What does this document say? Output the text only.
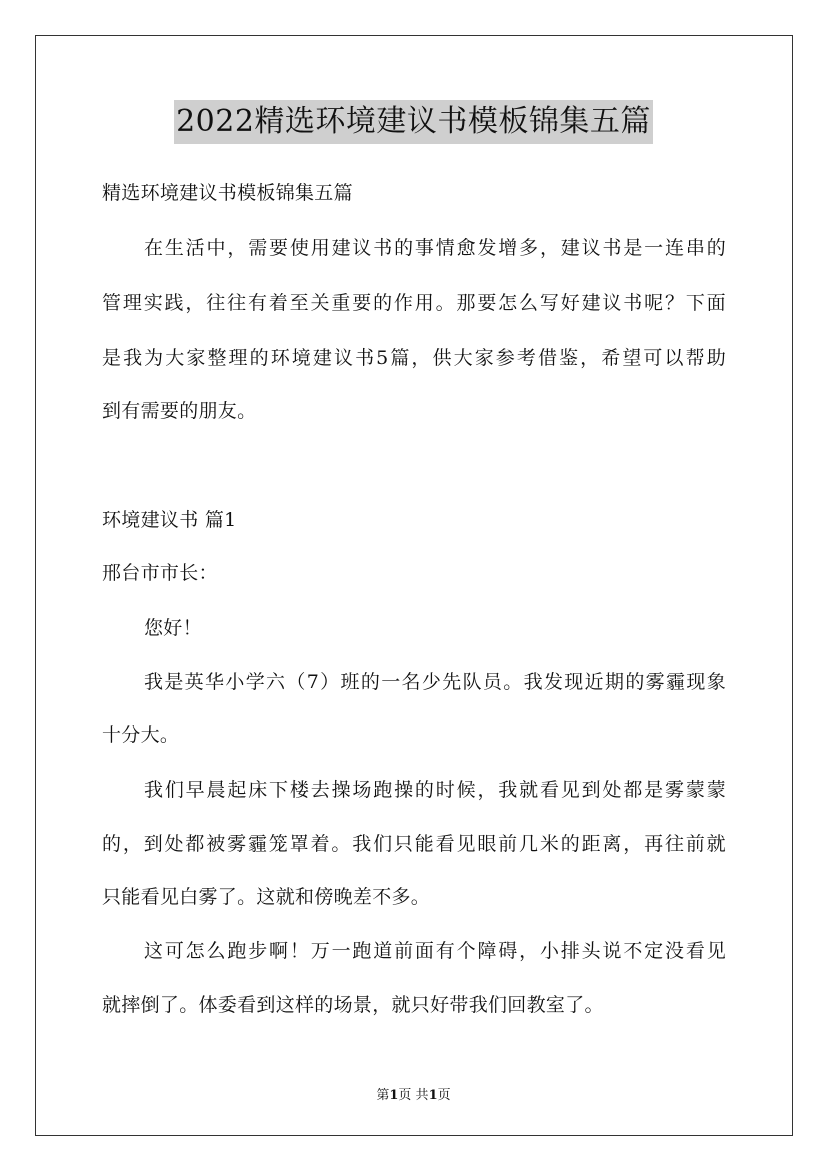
2022精选环境建议书模板锦集五篇
精选环境建议书模板锦集五篇
在生活中，需要使用建议书的事情愈发增多，建议书是一连串的
管理实践，往往有着至关重要的作用。那要怎么写好建议书呢？下面
是我为大家整理的环境建议书5篇，供大家参考借鉴，希望可以帮助
到有需要的朋友。
环境建议书 篇1
邢台市市长：
您好！
我是英华小学六（7）班的一名少先队员。我发现近期的雾霾现象
十分大。
我们早晨起床下楼去操场跑操的时候，我就看见到处都是雾蒙蒙
的，到处都被雾霾笼罩着。我们只能看见眼前几米的距离，再往前就
只能看见白雾了。这就和傍晚差不多。
这可怎么跑步啊！万一跑道前面有个障碍，小排头说不定没看见
就摔倒了。体委看到这样的场景，就只好带我们回教室了。
第1页 共1页
